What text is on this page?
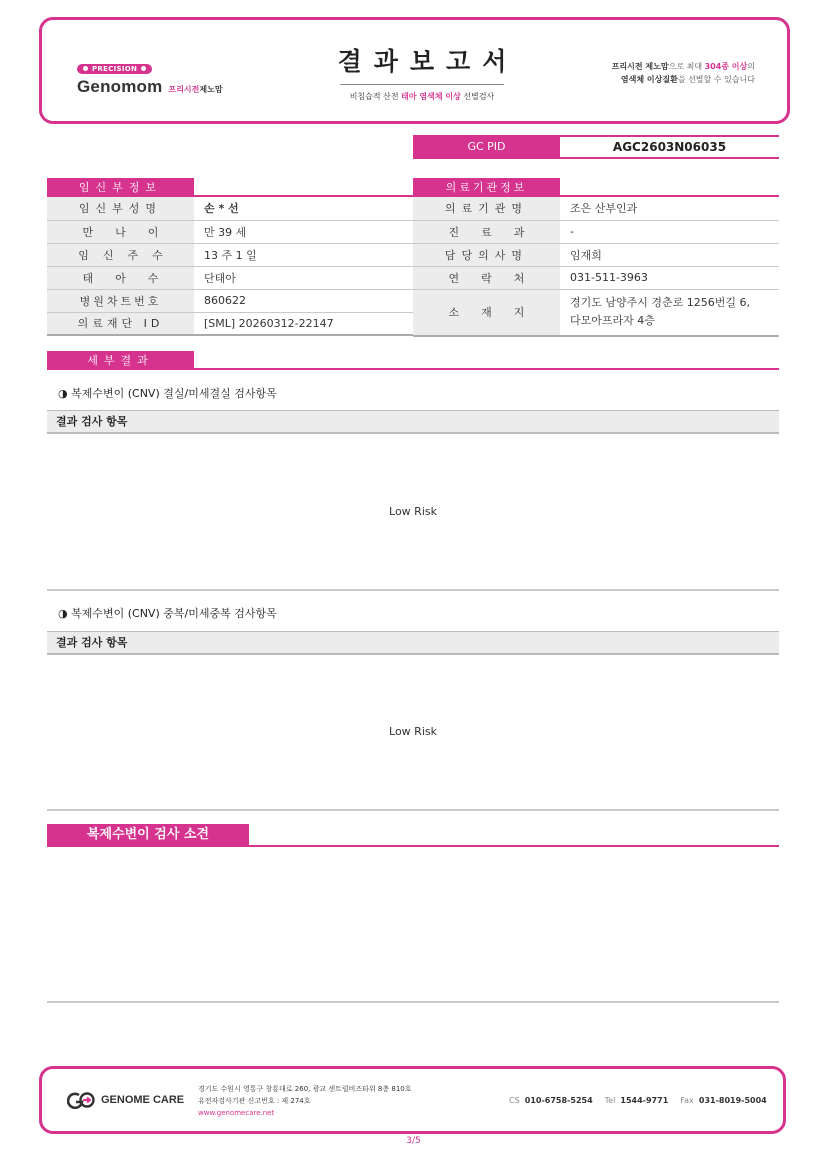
PRECISION
Genomom 프리시전제노맘
결과보고서
비침습적 산전 태아 염색체 이상 선별검사
프리시전 제노맘으로 최대 304종 이상의
염색체 이상질환을 선별할 수 있습니다
GC PID	AGC2603N06035
임신부정보
임신부성명	손 * 선
만나이	만 39 세
임신주수	13 주 1 일
태아수	단태아
병원차트번호	860622
의료재단 ID	[SML] 20260312-22147
의료기관정보
의료기관명	조은 산부인과
진료과	-
담당의사명	임재희
연락처	031-511-3963
소재지	경기도 남양주시 경춘로 1256번길 6,
다모아프라자 4층
세부결과
◑ 복제수변이 (CNV) 결실/미세결실 검사항목
결과 검사 항목
Low Risk
◑ 복제수변이 (CNV) 중복/미세중복 검사항목
결과 검사 항목
Low Risk
복제수변이 검사 소견
GENOME CARE
경기도 수원시 영통구 창룡대로 260, 광교 센트럴비즈타워 8층 810호
유전자검사기관 신고번호 : 제 274호
www.genomecare.net
CS 010-6758-5254 Tel 1544-9771 Fax 031-8019-5004
3/5
